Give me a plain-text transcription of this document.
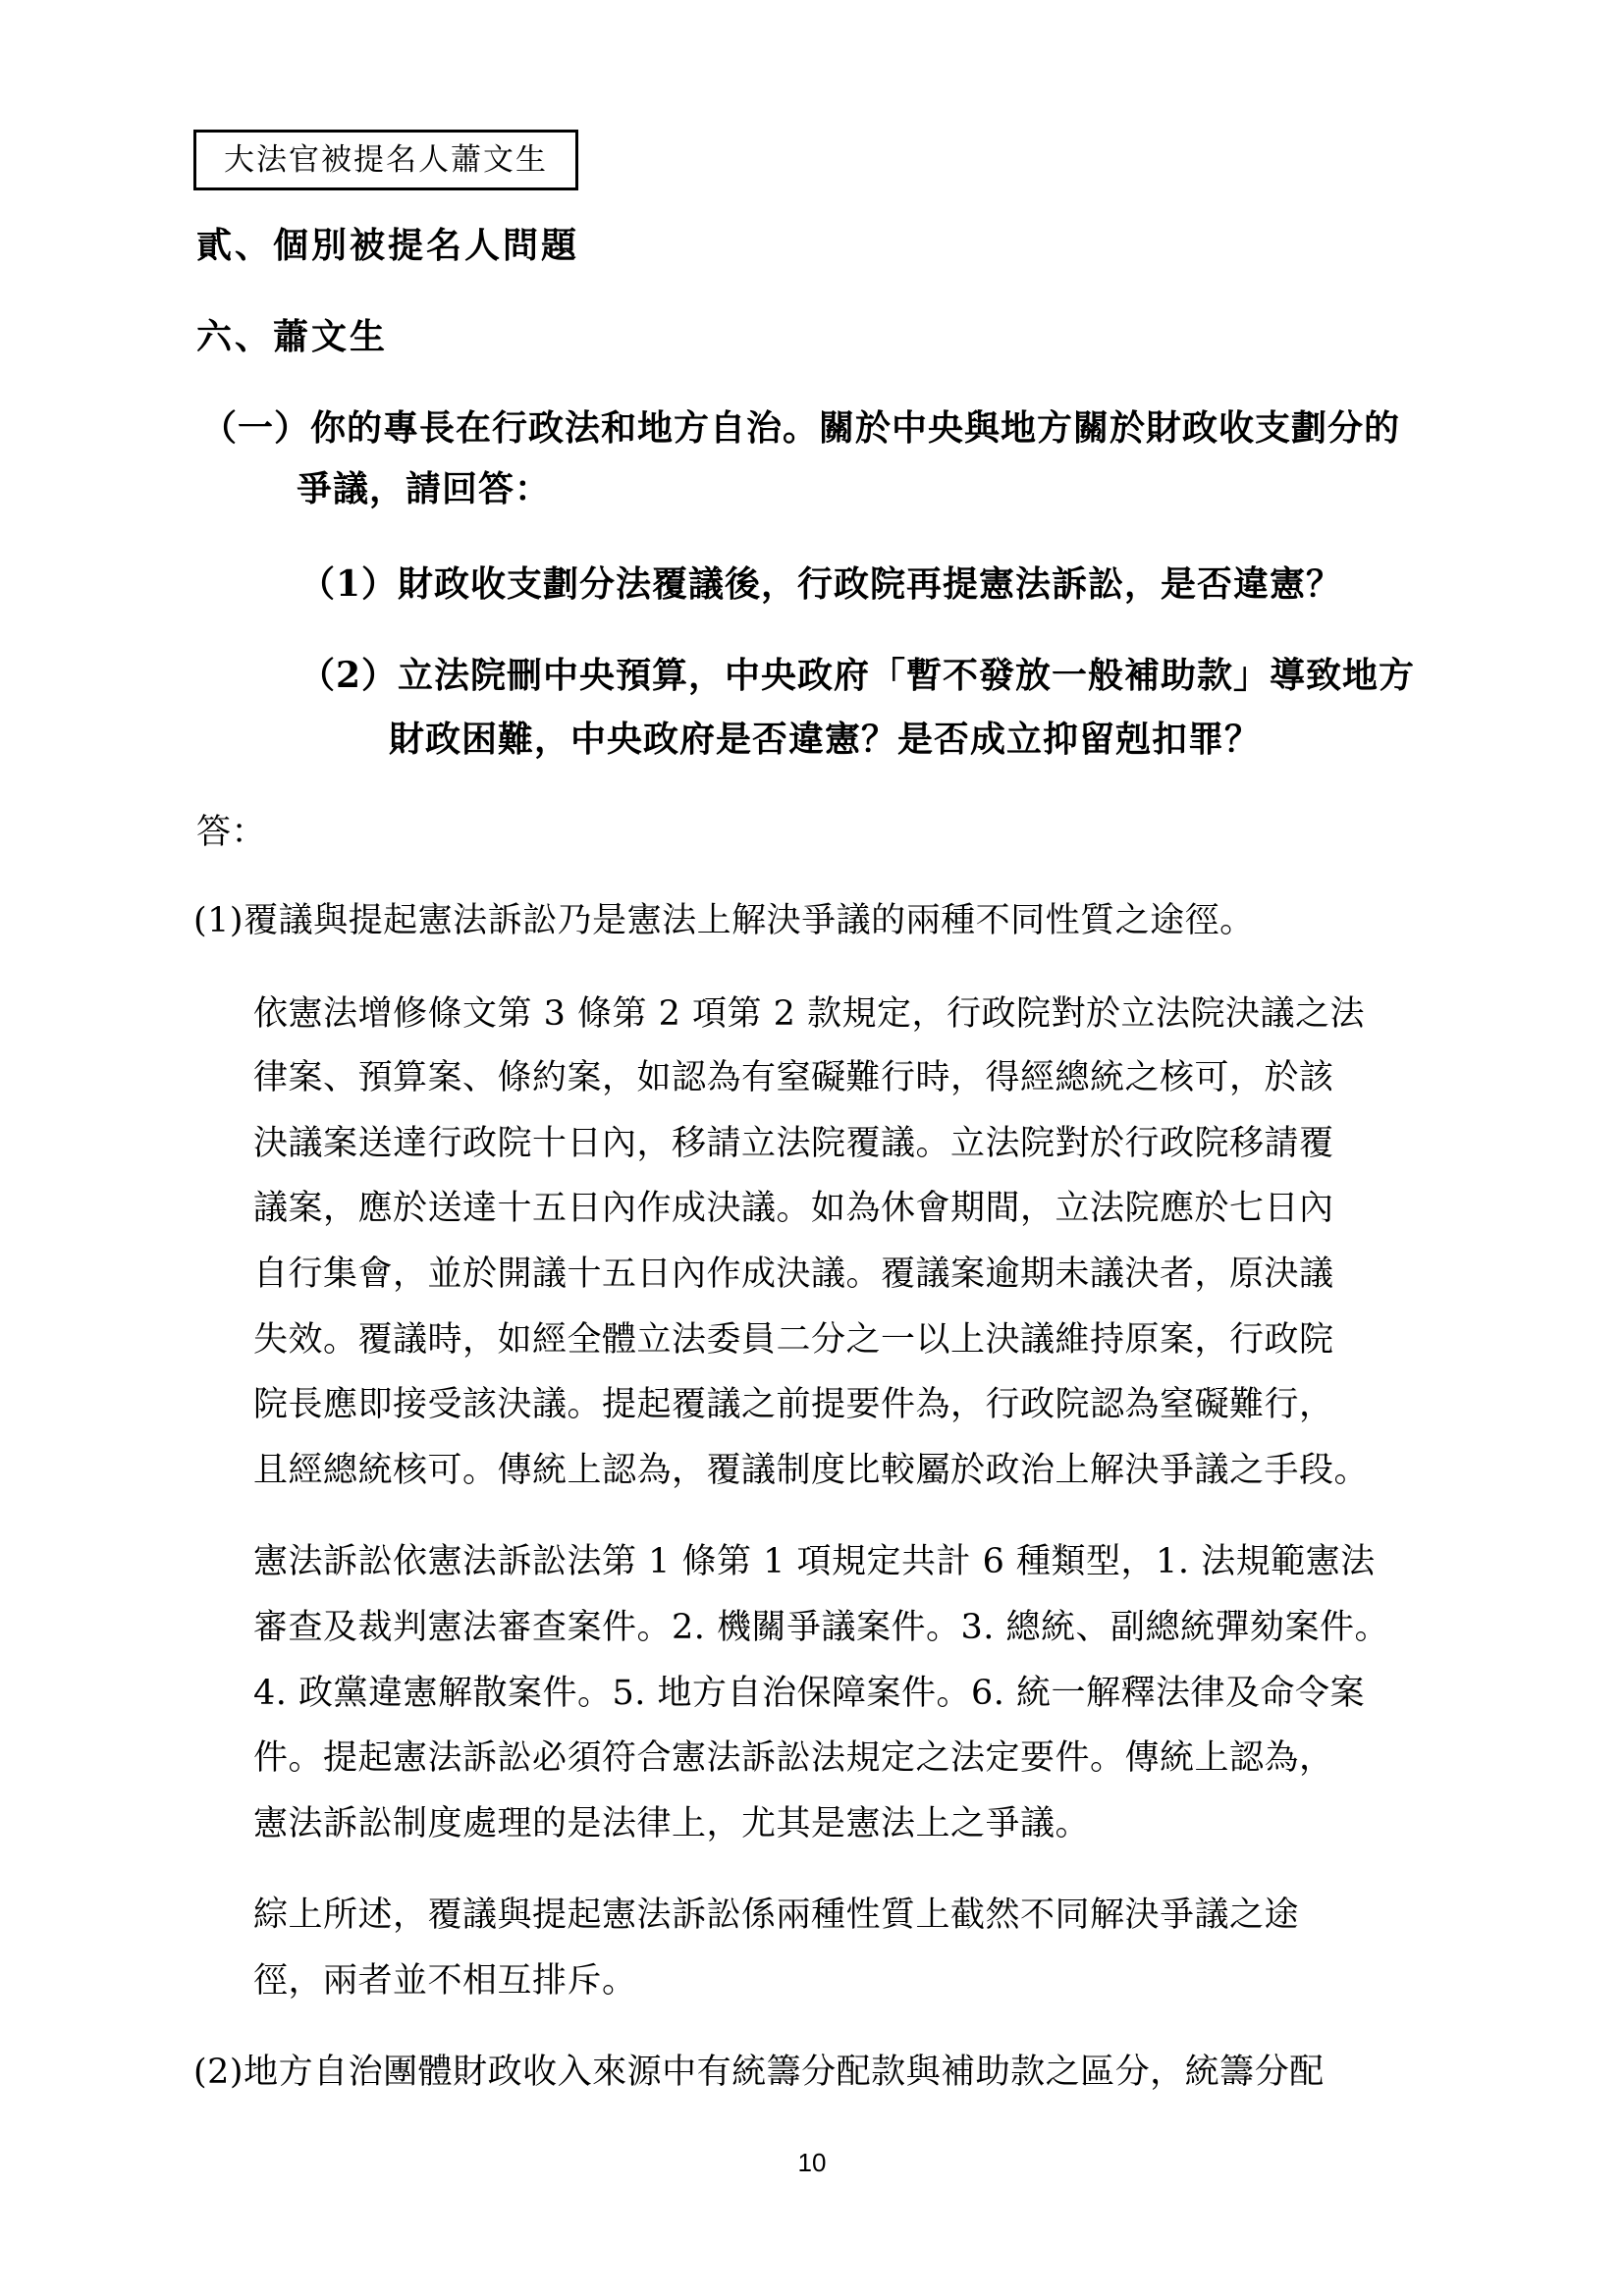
大法官被提名人蕭文生
貳、個別被提名人問題
六、蕭文生
（一）你的專長在行政法和地方自治。關於中央與地方關於財政收支劃分的
爭議，請回答：
（1）財政收支劃分法覆議後，行政院再提憲法訴訟，是否違憲？
（2）立法院刪中央預算，中央政府「暫不發放一般補助款」導致地方
財政困難，中央政府是否違憲？是否成立抑留剋扣罪？
答：
(1)覆議與提起憲法訴訟乃是憲法上解決爭議的兩種不同性質之途徑。
依憲法增修條文第 3 條第 2 項第 2 款規定，行政院對於立法院決議之法
律案、預算案、條約案，如認為有窒礙難行時，得經總統之核可，於該
決議案送達行政院十日內，移請立法院覆議。立法院對於行政院移請覆
議案，應於送達十五日內作成決議。如為休會期間，立法院應於七日內
自行集會，並於開議十五日內作成決議。覆議案逾期未議決者，原決議
失效。覆議時，如經全體立法委員二分之一以上決議維持原案，行政院
院長應即接受該決議。提起覆議之前提要件為，行政院認為窒礙難行，
且經總統核可。傳統上認為，覆議制度比較屬於政治上解決爭議之手段。
憲法訴訟依憲法訴訟法第 1 條第 1 項規定共計 6 種類型，1. 法規範憲法
審查及裁判憲法審查案件。2. 機關爭議案件。3. 總統、副總統彈劾案件。
4. 政黨違憲解散案件。5. 地方自治保障案件。6. 統一解釋法律及命令案
件。提起憲法訴訟必須符合憲法訴訟法規定之法定要件。傳統上認為，
憲法訴訟制度處理的是法律上，尤其是憲法上之爭議。
綜上所述，覆議與提起憲法訴訟係兩種性質上截然不同解決爭議之途
徑，兩者並不相互排斥。
(2)地方自治團體財政收入來源中有統籌分配款與補助款之區分，統籌分配
10
